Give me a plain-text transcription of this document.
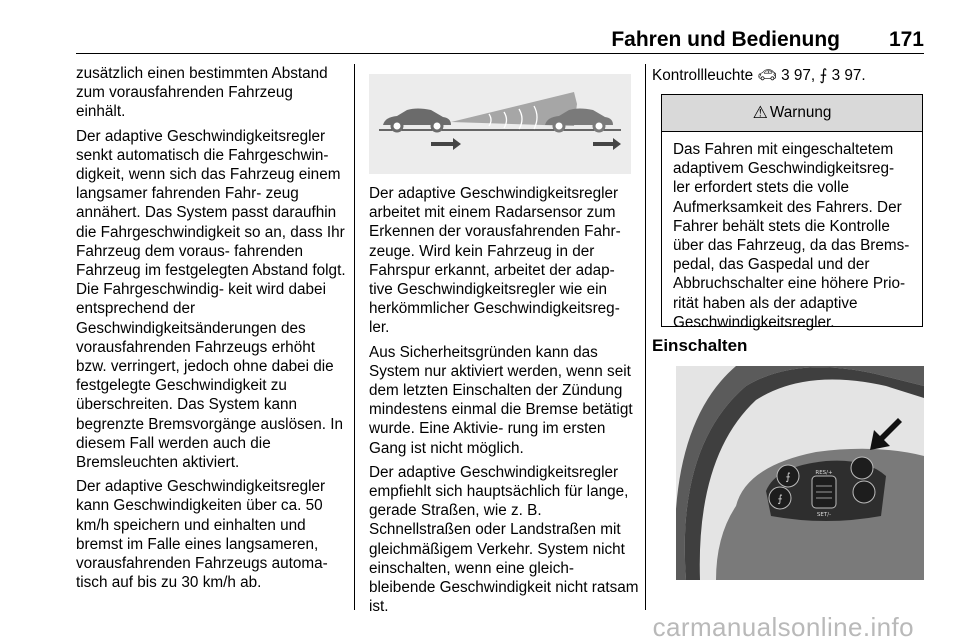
Fahren und Bedienung 171

zusätzlich einen bestimmten Abstand zum vorausfahrenden Fahrzeug einhält.

Der adaptive Geschwindigkeitsregler senkt automatisch die Fahrgeschwin‑ digkeit, wenn sich das Fahrzeug einem langsamer fahrenden Fahr‑ zeug annähert. Das System passt daraufhin die Fahrgeschwindigkeit so an, dass Ihr Fahrzeug dem voraus‑ fahrenden Fahrzeug im festgelegten Abstand folgt. Die Fahrgeschwindig‑ keit wird dabei entsprechend der Geschwindigkeitsänderungen des vorausfahrenden Fahrzeugs erhöht bzw. verringert, jedoch ohne dabei die festgelegte Geschwindigkeit zu überschreiten. Das System kann begrenzte Bremsvorgänge auslösen. In diesem Fall werden auch die Bremsleuchten aktiviert.

Der adaptive Geschwindigkeitsregler kann Geschwindigkeiten über ca. 50 km/h speichern und einhalten und bremst im Falle eines langsameren, vorausfahrenden Fahrzeugs automa‑ tisch auf bis zu 30 km/h ab.

Der adaptive Geschwindigkeitsregler arbeitet mit einem Radarsensor zum Erkennen der vorausfahrenden Fahr‑ zeuge. Wird kein Fahrzeug in der Fahrspur erkannt, arbeitet der adap‑ tive Geschwindigkeitsregler wie ein herkömmlicher Geschwindigkeitsreg‑ ler.

Aus Sicherheitsgründen kann das System nur aktiviert werden, wenn seit dem letzten Einschalten der Zündung mindestens einmal die Bremse betätigt wurde. Eine Aktivie‑ rung im ersten Gang ist nicht möglich.

Der adaptive Geschwindigkeitsregler empfiehlt sich hauptsächlich für lange, gerade Straßen, wie z. B. Schnellstraßen oder Landstraßen mit gleichmäßigem Verkehr. System nicht einschalten, wenn eine gleich‑ bleibende Geschwindigkeit nicht ratsam ist.

Kontrollleuchte 🚗︎ 3 97, ⨍ 3 97.

⚠ Warnung
Das Fahren mit eingeschaltetem adaptivem Geschwindigkeitsreg‑ ler erfordert stets die volle Aufmerksamkeit des Fahrers. Der Fahrer behält stets die Kontrolle über das Fahrzeug, da das Brems‑ pedal, das Gaspedal und der Abbruchschalter eine höhere Prio‑ rität haben als der adaptive Geschwindigkeitsregler.
Einschalten
⨍
⨍
RES/+
SET/-
carmanualsonline.info
